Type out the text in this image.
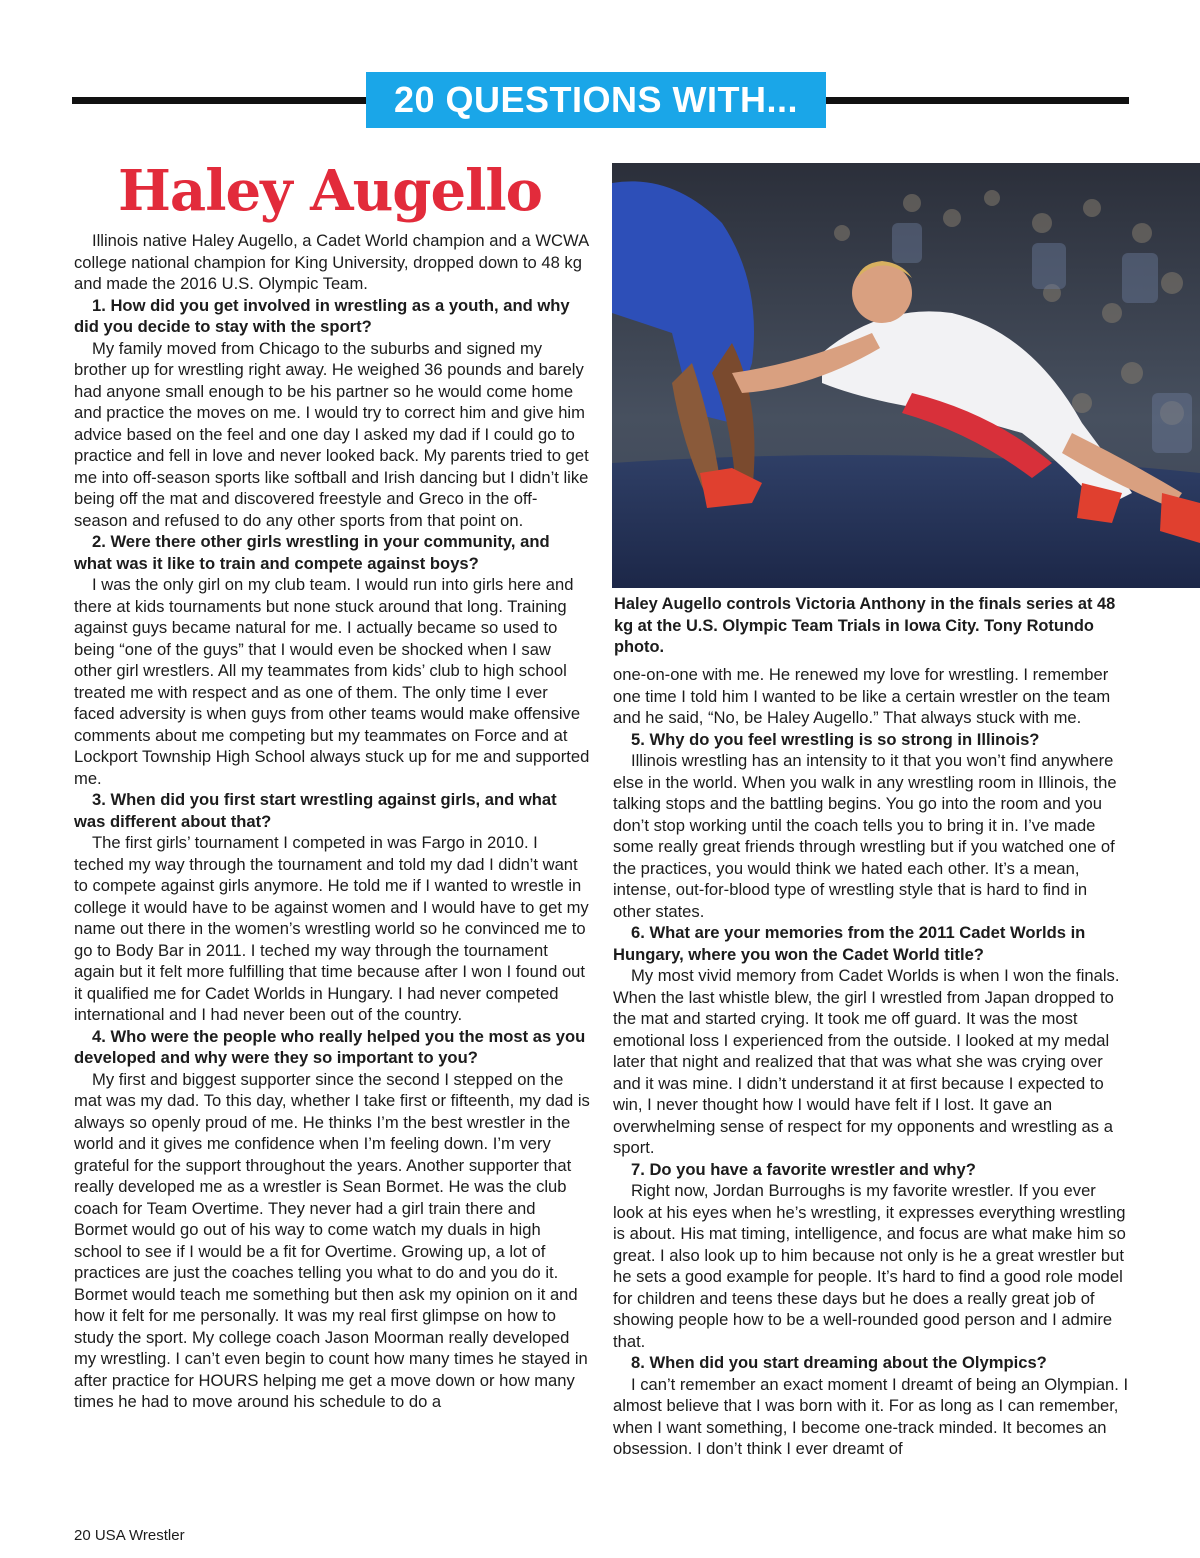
20 QUESTIONS WITH...
Haley Augello

Illinois native Haley Augello, a Cadet World champion and a WCWA college national champion for King University, dropped down to 48 kg and made the 2016 U.S. Olympic Team.

1. How did you get involved in wrestling as a youth, and why did you decide to stay with the sport?

My family moved from Chicago to the suburbs and signed my brother up for wrestling right away. He weighed 36 pounds and barely had anyone small enough to be his partner so he would come home and practice the moves on me. I would try to correct him and give him advice based on the feel and one day I asked my dad if I could go to practice and fell in love and never looked back. My parents tried to get me into off-season sports like softball and Irish dancing but I didn’t like being off the mat and discovered freestyle and Greco in the off-season and refused to do any other sports from that point on.

2. Were there other girls wrestling in your community, and what was it like to train and compete against boys?

I was the only girl on my club team. I would run into girls here and there at kids tournaments but none stuck around that long. Training against guys became natural for me. I actually became so used to being “one of the guys” that I would even be shocked when I saw other girl wrestlers. All my teammates from kids’ club to high school treated me with respect and as one of them. The only time I ever faced adversity is when guys from other teams would make offensive comments about me competing but my teammates on Force and at Lockport Township High School always stuck up for me and supported me.

3. When did you first start wrestling against girls, and what was different about that?

The first girls’ tournament I competed in was Fargo in 2010. I teched my way through the tournament and told my dad I didn’t want to compete against girls anymore. He told me if I wanted to wrestle in college it would have to be against women and I would have to get my name out there in the women’s wrestling world so he convinced me to go to Body Bar in 2011. I teched my way through the tournament again but it felt more fulfilling that time because after I won I found out it qualified me for Cadet Worlds in Hungary. I had never competed international and I had never been out of the country.

4. Who were the people who really helped you the most as you developed and why were they so important to you?

My first and biggest supporter since the second I stepped on the mat was my dad. To this day, whether I take first or fifteenth, my dad is always so openly proud of me. He thinks I’m the best wrestler in the world and it gives me confidence when I’m feeling down. I’m very grateful for the support throughout the years. Another supporter that really developed me as a wrestler is Sean Bormet. He was the club coach for Team Overtime. They never had a girl train there and Bormet would go out of his way to come watch my duals in high school to see if I would be a fit for Overtime. Growing up, a lot of practices are just the coaches telling you what to do and you do it. Bormet would teach me something but then ask my opinion on it and how it felt for me personally. It was my real first glimpse on how to study the sport. My college coach Jason Moorman really developed my wrestling. I can’t even begin to count how many times he stayed in after practice for HOURS helping me get a move down or how many times he had to move around his schedule to do a

Haley Augello controls Victoria Anthony in the finals series at 48 kg at the U.S. Olympic Team Trials in Iowa City. Tony Rotundo photo.

one-on-one with me. He renewed my love for wrestling. I remember one time I told him I wanted to be like a certain wrestler on the team and he said, “No, be Haley Augello.” That always stuck with me.

5. Why do you feel wrestling is so strong in Illinois?

Illinois wrestling has an intensity to it that you won’t find anywhere else in the world. When you walk in any wrestling room in Illinois, the talking stops and the battling begins. You go into the room and you don’t stop working until the coach tells you to bring it in. I’ve made some really great friends through wrestling but if you watched one of the practices, you would think we hated each other. It’s a mean, intense, out-for-blood type of wrestling style that is hard to find in other states.

6. What are your memories from the 2011 Cadet Worlds in Hungary, where you won the Cadet World title?

My most vivid memory from Cadet Worlds is when I won the finals. When the last whistle blew, the girl I wrestled from Japan dropped to the mat and started crying. It took me off guard. It was the most emotional loss I experienced from the outside. I looked at my medal later that night and realized that that was what she was crying over and it was mine. I didn’t understand it at first because I expected to win, I never thought how I would have felt if I lost. It gave an overwhelming sense of respect for my opponents and wrestling as a sport.

7. Do you have a favorite wrestler and why?

Right now, Jordan Burroughs is my favorite wrestler. If you ever look at his eyes when he’s wrestling, it expresses everything wrestling is about. His mat timing, intelligence, and focus are what make him so great. I also look up to him because not only is he a great wrestler but he sets a good example for people. It’s hard to find a good role model for children and teens these days but he does a really great job of showing people how to be a well-rounded good person and I admire that.

8. When did you start dreaming about the Olympics?

I can’t remember an exact moment I dreamt of being an Olympian. I almost believe that I was born with it. For as long as I can remember, when I want something, I become one-track minded. It becomes an obsession. I don’t think I ever dreamt of

20 USA Wrestler
